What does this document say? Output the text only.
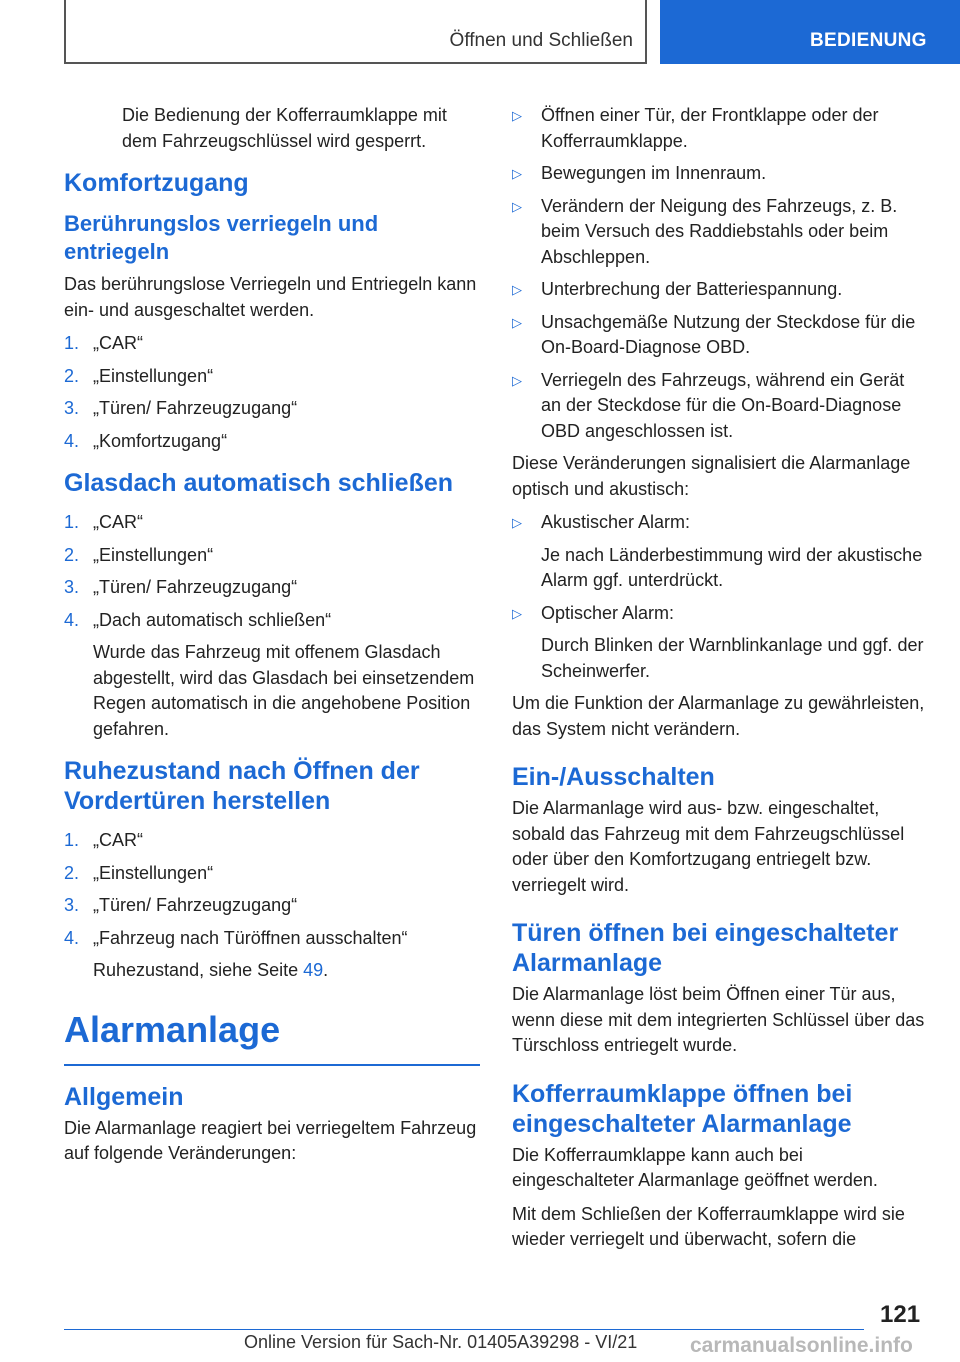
Öffnen und Schließen	BEDIENUNG

Die Bedienung der Kofferraumklappe mit dem Fahrzeugschlüssel wird gesperrt.

Komfortzugang
Berührungslos verriegeln und entriegeln

Das berührungslose Verriegeln und Entriegeln kann ein- und ausgeschaltet werden.

1. „CAR“
2. „Einstellungen“
3. „Türen/ Fahrzeugzugang“
4. „Komfortzugang“
Glasdach automatisch schließen
1. „CAR“
2. „Einstellungen“
3. „Türen/ Fahrzeugzugang“
4. „Dach automatisch schließen“
Wurde das Fahrzeug mit offenem Glasdach abgestellt, wird das Glasdach bei einsetzendem Regen automatisch in die angehobene Position gefahren.
Ruhezustand nach Öffnen der Vordertüren herstellen
1. „CAR“
2. „Einstellungen“
3. „Türen/ Fahrzeugzugang“
4. „Fahrzeug nach Türöffnen ausschalten“
Ruhezustand, siehe Seite 49.
Alarmanlage
Allgemein

Die Alarmanlage reagiert bei verriegeltem Fahrzeug auf folgende Veränderungen:

▷ Öffnen einer Tür, der Frontklappe oder der Kofferraumklappe.
▷ Bewegungen im Innenraum.
▷ Verändern der Neigung des Fahrzeugs, z. B. beim Versuch des Raddiebstahls oder beim Abschleppen.
▷ Unterbrechung der Batteriespannung.
▷ Unsachgemäße Nutzung der Steckdose für die On-Board-Diagnose OBD.
▷ Verriegeln des Fahrzeugs, während ein Gerät an der Steckdose für die On-Board-Diagnose OBD angeschlossen ist.

Diese Veränderungen signalisiert die Alarmanlage optisch und akustisch:

▷ Akustischer Alarm:
Je nach Länderbestimmung wird der akustische Alarm ggf. unterdrückt.
▷ Optischer Alarm:
Durch Blinken der Warnblinkanlage und ggf. der Scheinwerfer.

Um die Funktion der Alarmanlage zu gewährleisten, das System nicht verändern.

Ein-/Ausschalten

Die Alarmanlage wird aus- bzw. eingeschaltet, sobald das Fahrzeug mit dem Fahrzeugschlüssel oder über den Komfortzugang entriegelt bzw. verriegelt wird.

Türen öffnen bei eingeschalteter Alarmanlage

Die Alarmanlage löst beim Öffnen einer Tür aus, wenn diese mit dem integrierten Schlüssel über das Türschloss entriegelt wurde.

Kofferraumklappe öffnen bei eingeschalteter Alarmanlage

Die Kofferraumklappe kann auch bei eingeschalteter Alarmanlage geöffnet werden.

Mit dem Schließen der Kofferraumklappe wird sie wieder verriegelt und überwacht, sofern die

121
Online Version für Sach-Nr. 01405A39298 - VI/21	carmanualsonline.info
